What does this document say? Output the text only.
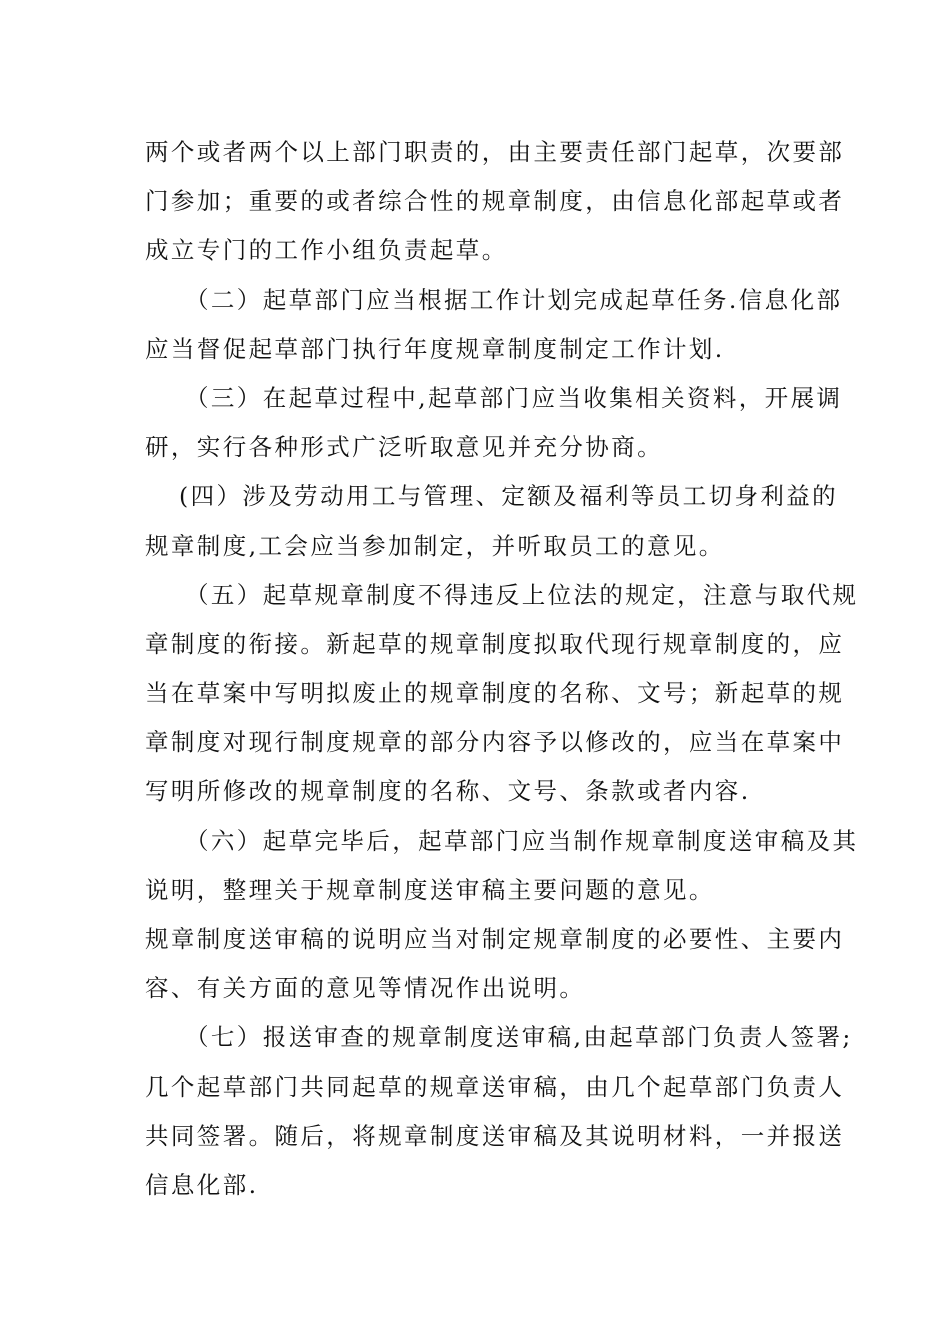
两个或者两个以上部门职责的，由主要责任部门起草，次要部
门参加；重要的或者综合性的规章制度，由信息化部起草或者
成立专门的工作小组负责起草。
（二）起草部门应当根据工作计划完成起草任务.信息化部
应当督促起草部门执行年度规章制度制定工作计划.
（三）在起草过程中,起草部门应当收集相关资料，开展调
研，实行各种形式广泛听取意见并充分协商。
(四）涉及劳动用工与管理、定额及福利等员工切身利益的
规章制度,工会应当参加制定，并听取员工的意见。
（五）起草规章制度不得违反上位法的规定，注意与取代规
章制度的衔接。新起草的规章制度拟取代现行规章制度的，应
当在草案中写明拟废止的规章制度的名称、文号；新起草的规
章制度对现行制度规章的部分内容予以修改的，应当在草案中
写明所修改的规章制度的名称、文号、条款或者内容.
（六）起草完毕后，起草部门应当制作规章制度送审稿及其
说明，整理关于规章制度送审稿主要问题的意见。
规章制度送审稿的说明应当对制定规章制度的必要性、主要内
容、有关方面的意见等情况作出说明。
（七）报送审查的规章制度送审稿,由起草部门负责人签署;
几个起草部门共同起草的规章送审稿，由几个起草部门负责人
共同签署。随后，将规章制度送审稿及其说明材料，一并报送
信息化部.
